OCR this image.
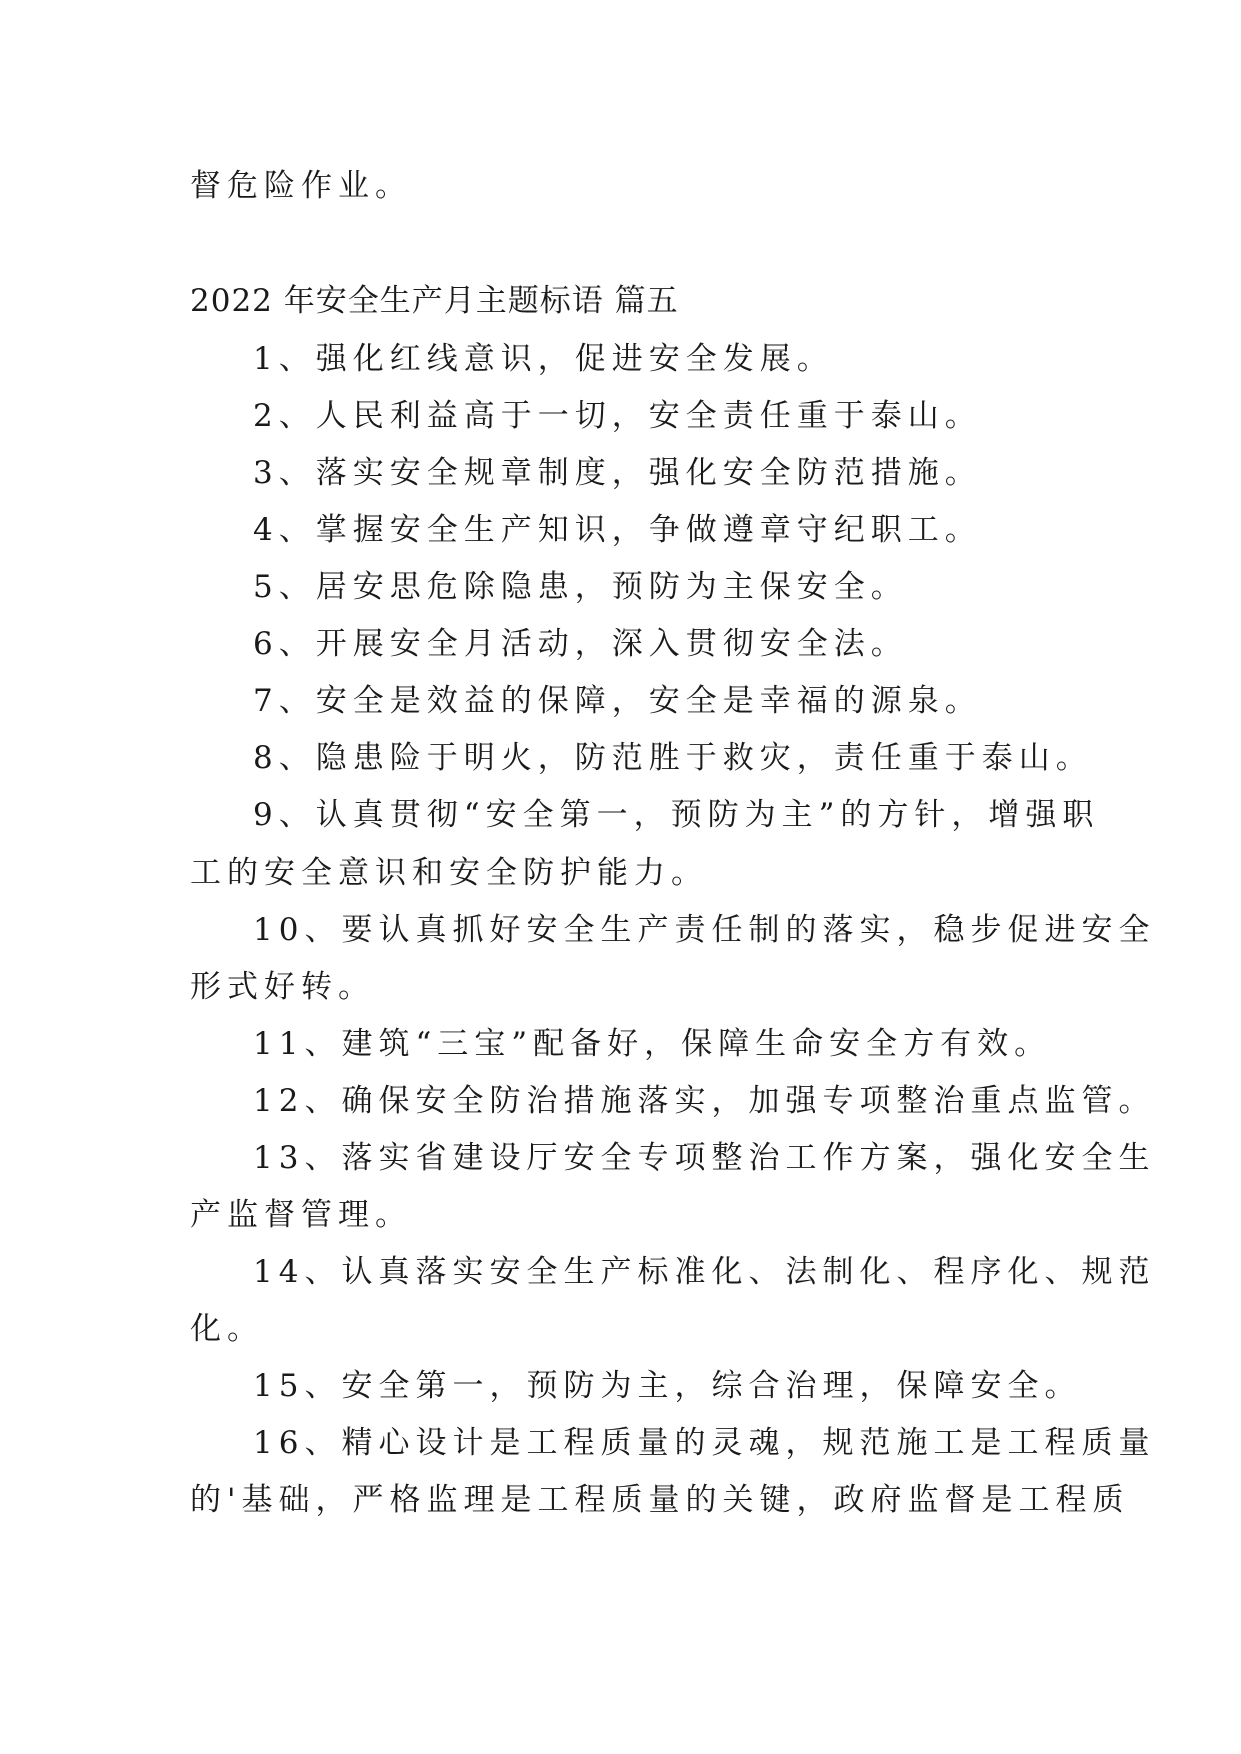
督危险作业。
2022 年安全生产月主题标语 篇五
1、强化红线意识，促进安全发展。
2、人民利益高于一切，安全责任重于泰山。
3、落实安全规章制度，强化安全防范措施。
4、掌握安全生产知识，争做遵章守纪职工。
5、居安思危除隐患，预防为主保安全。
6、开展安全月活动，深入贯彻安全法。
7、安全是效益的保障，安全是幸福的源泉。
8、隐患险于明火，防范胜于救灾，责任重于泰山。
9、认真贯彻“安全第一，预防为主”的方针，增强职
工的安全意识和安全防护能力。
10、要认真抓好安全生产责任制的落实，稳步促进安全
形式好转。
11、建筑“三宝”配备好，保障生命安全方有效。
12、确保安全防治措施落实，加强专项整治重点监管。
13、落实省建设厅安全专项整治工作方案，强化安全生
产监督管理。
14、认真落实安全生产标准化、法制化、程序化、规范
化。
15、安全第一，预防为主，综合治理，保障安全。
16、精心设计是工程质量的灵魂，规范施工是工程质量
的'基础，严格监理是工程质量的关键，政府监督是工程质
